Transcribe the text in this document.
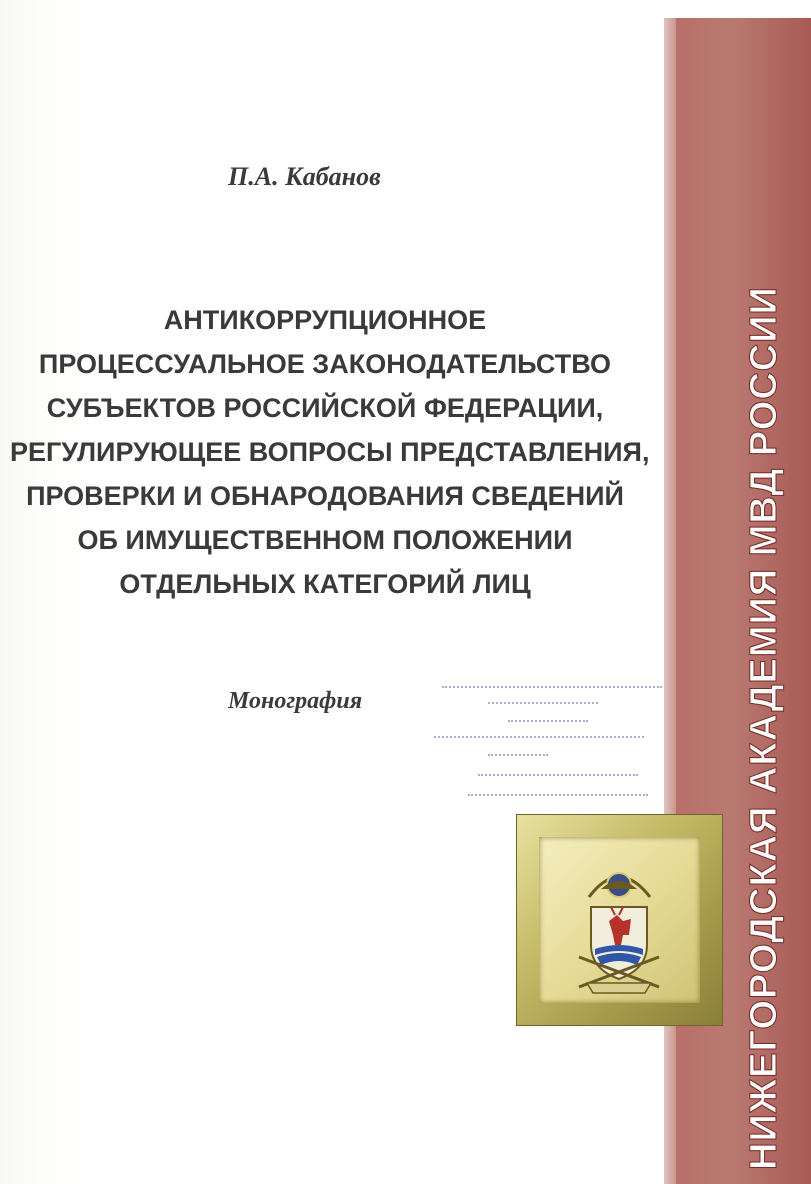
П.А. Кабанов

АНТИКОРРУПЦИОННОЕ
ПРОЦЕССУАЛЬНОЕ ЗАКОНОДАТЕЛЬСТВО
СУБЪЕКТОВ РОССИЙСКОЙ ФЕДЕРАЦИИ,
РЕГУЛИРУЮЩЕЕ ВОПРОСЫ ПРЕДСТАВЛЕНИЯ,
ПРОВЕРКИ И ОБНАРОДОВАНИЯ СВЕДЕНИЙ
ОБ ИМУЩЕСТВЕННОМ ПОЛОЖЕНИИ
ОТДЕЛЬНЫХ КАТЕГОРИЙ ЛИЦ

Монография	НИЖЕГОРОДСКАЯ АКАДЕМИЯ МВД РОССИИ
